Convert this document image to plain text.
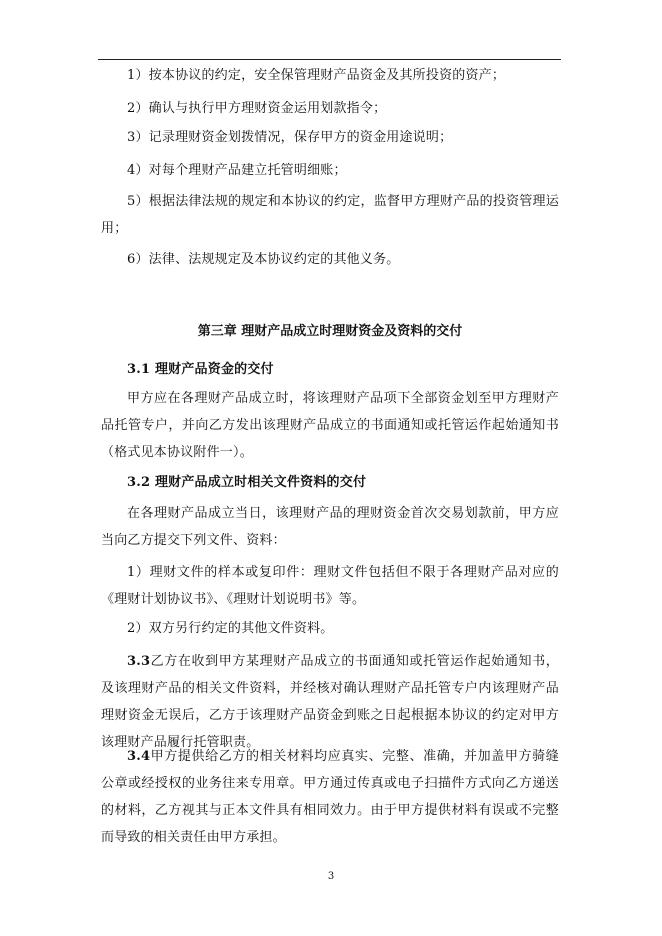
1）按本协议的约定，安全保管理财产品资金及其所投资的资产；

2）确认与执行甲方理财资金运用划款指令；

3）记录理财资金划拨情况，保存甲方的资金用途说明；

4）对每个理财产品建立托管明细账；

5）根据法律法规的规定和本协议的约定，监督甲方理财产品的投资管理运用；

6）法律、法规规定及本协议约定的其他义务。

第三章 理财产品成立时理财资金及资料的交付

3.1 理财产品资金的交付

甲方应在各理财产品成立时，将该理财产品项下全部资金划至甲方理财产品托管专户，并向乙方发出该理财产品成立的书面通知或托管运作起始通知书（格式见本协议附件一）。

3.2 理财产品成立时相关文件资料的交付

在各理财产品成立当日，该理财产品的理财资金首次交易划款前，甲方应当向乙方提交下列文件、资料：

1）理财文件的样本或复印件：理财文件包括但不限于各理财产品对应的《理财计划协议书》、《理财计划说明书》等。

2）双方另行约定的其他文件资料。

3.3乙方在收到甲方某理财产品成立的书面通知或托管运作起始通知书，及该理财产品的相关文件资料，并经核对确认理财产品托管专户内该理财产品理财资金无误后，乙方于该理财产品资金到账之日起根据本协议的约定对甲方该理财产品履行托管职责。

3.4甲方提供给乙方的相关材料均应真实、完整、准确，并加盖甲方骑缝公章或经授权的业务往来专用章。甲方通过传真或电子扫描件方式向乙方递送的材料，乙方视其与正本文件具有相同效力。由于甲方提供材料有误或不完整而导致的相关责任由甲方承担。

3
